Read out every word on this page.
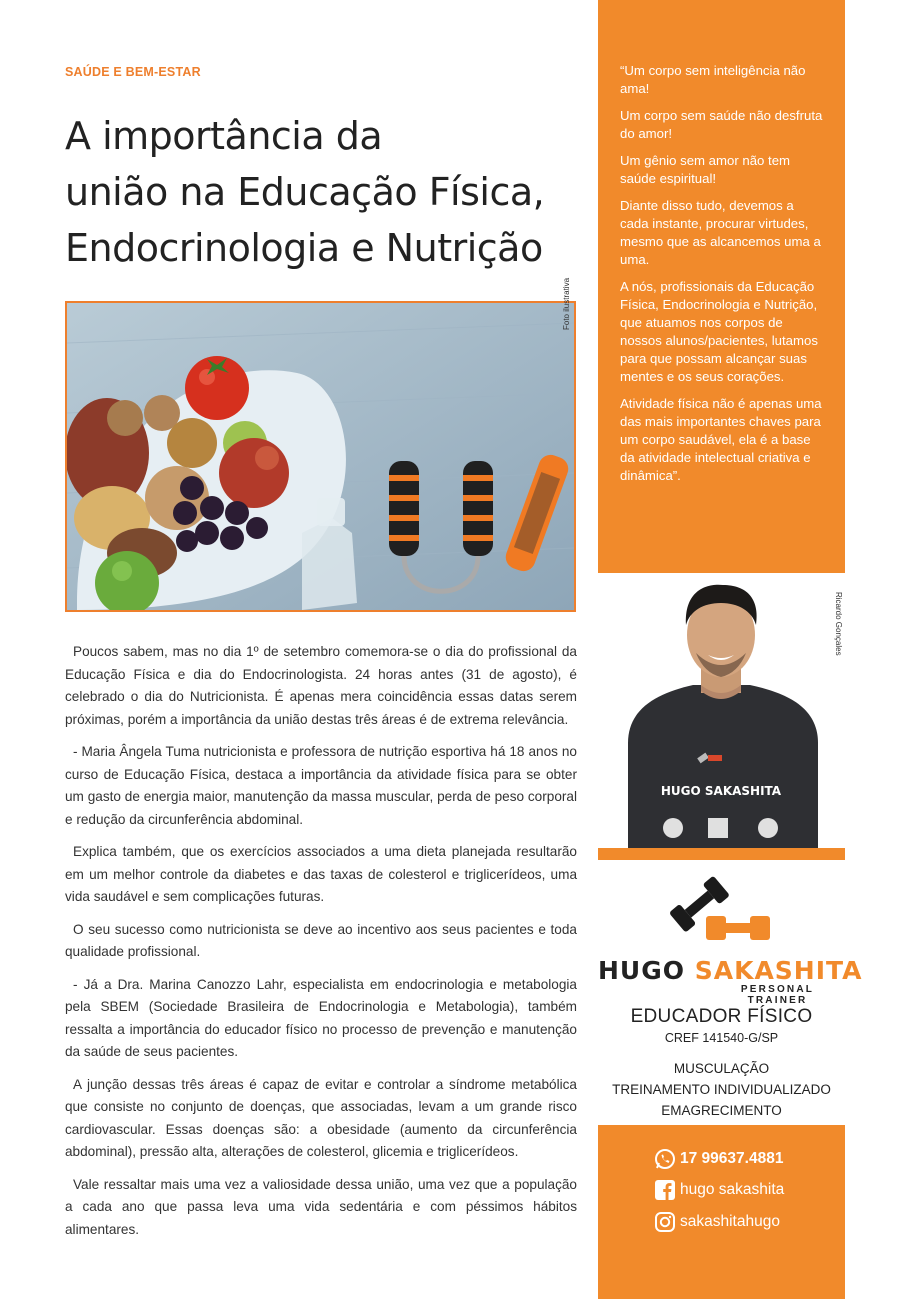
SAÚDE E BEM-ESTAR
A importância da
união na Educação Física,
Endocrinologia e Nutrição
Foto ilustrativa

Poucos sabem, mas no dia 1º de setembro comemora-se o dia do profissional da Educação Física e dia do Endocrinologista. 24 horas antes (31 de agosto), é celebrado o dia do Nutricionista. É apenas mera coincidência essas datas serem próximas, porém a importância da união destas três áreas é de extrema relevância.

- Maria Ângela Tuma nutricionista e professora de nutrição esportiva há 18 anos no curso de Educação Física, destaca a importância da atividade física para se obter um gasto de energia maior, manutenção da massa muscular, perda de peso corporal e redução da circunferência abdominal.

Explica também, que os exercícios associados a uma dieta planejada resultarão em um melhor controle da diabetes e das taxas de colesterol e triglicerídeos, uma vida saudável e sem complicações futuras.

O seu sucesso como nutricionista se deve ao incentivo aos seus pacientes e toda qualidade profissional.

- Já a Dra. Marina Canozzo Lahr, especialista em endocrinologia e metabologia pela SBEM (Sociedade Brasileira de Endocrinologia e Metabologia), também ressalta a importância do educador físico no processo de prevenção e manutenção da saúde de seus pacientes.

A junção dessas três áreas é capaz de evitar e controlar a síndrome metabólica que consiste no conjunto de doenças, que associadas, levam a um grande risco cardiovascular. Essas doenças são: a obesidade (aumento da circunferência abdominal), pressão alta, alterações de colesterol, glicemia e triglicerídeos.

Vale ressaltar mais uma vez a valiosidade dessa união, uma vez que a população a cada ano que passa leva uma vida sedentária e com péssimos hábitos alimentares.

“Um corpo sem inteligência não ama!

Um corpo sem saúde não desfruta do amor!

Um gênio sem amor não tem saúde espiritual!

Diante disso tudo, devemos a cada instante, procurar virtudes, mesmo que as alcancemos uma a uma.

A nós, profissionais da Educação Física, Endocrinologia e Nutrição, que atuamos nos corpos de nossos alunos/pacientes, lutamos para que possam alcançar suas mentes e os seus corações.

Atividade física não é apenas uma das mais importantes chaves para um corpo saudável, ela é a base da atividade intelectual criativa e dinâmica”.

HUGO SAKASHITA
Ricardo Gonçales
HUGO SAKASHITA
PERSONAL TRAINER
EDUCADOR FÍSICO
CREF 141540-G/SP
MUSCULAÇÃO
TREINAMENTO INDIVIDUALIZADO
EMAGRECIMENTO
17 99637.4881
hugo sakashita
sakashitahugo
